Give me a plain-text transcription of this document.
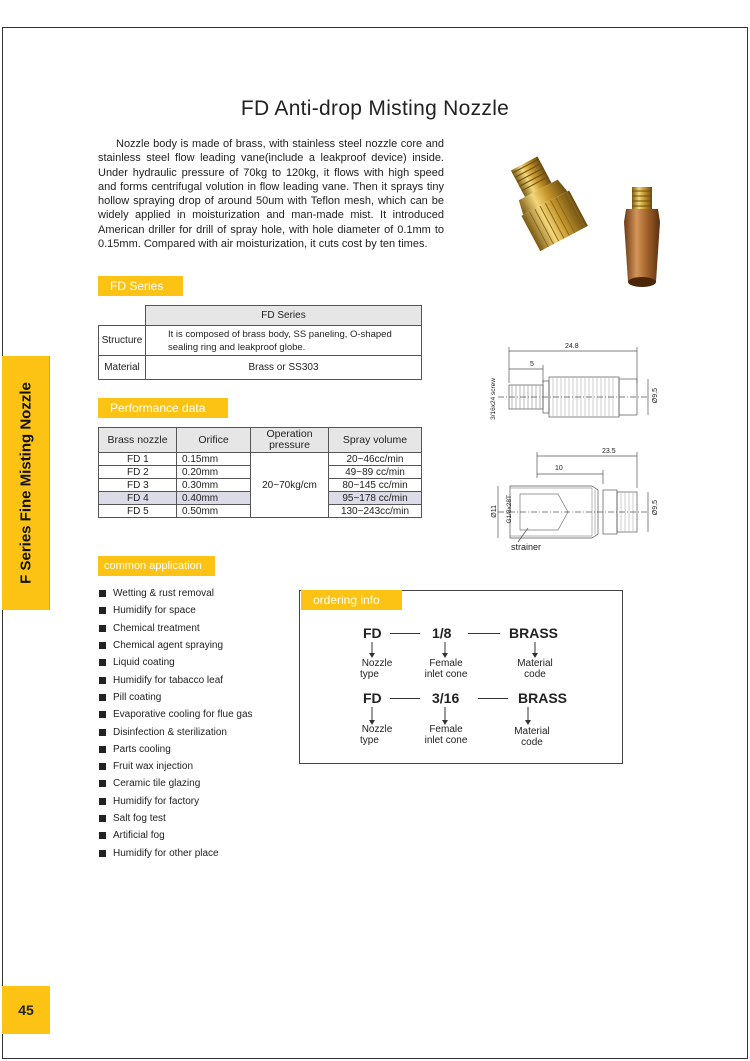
F Series Fine Misting Nozzle
45
FD Anti-drop Misting Nozzle

Nozzle body is made of brass, with stainless steel nozzle core and stainless steel flow leading vane(include a leakproof device) inside. Under hydraulic pressure of 70kg to 120kg, it flows with high speed and forms centrifugal volution in flow leading vane. Then it sprays tiny hollow spraying drop of around 50um with Teflon mesh, which can be widely applied in moisturization and man-made mist. It introduced American driller for drill of spray hole, with hole diameter of 0.1mm to 0.15mm. Compared with air moisturization, it cuts cost by ten times.

FD Series
	FD Series
Structure	It is composed of brass body, SS paneling, O-shaped sealing ring and leakproof globe.
Material	Brass or SS303
Performance data
Brass nozzle	Orifice	Operation pressure	Spray volume
FD 1	0.15mm	20~70kg/cm	20~46cc/min
FD 2	0.20mm		49~89 cc/min
FD 3	0.30mm		80~145 cc/min
FD 4	0.40mm		95~178 cc/min
FD 5	0.50mm		130~243cc/min
24.8
5
Ø9.5
3/16x24 screw
23.5
10
Ø11 G1/8x28T	Ø9.5
strainer
common application
Wetting & rust removal
Humidify for space
Chemical treatment
Chemical agent spraying
Liquid coating
Humidify for tabacco leaf
Pill coating
Evaporative cooling for flue gas
Disinfection & sterilization
Parts cooling
Fruit wax injection
Ceramic tile glazing
Humidify for factory
Salt fog test
Artificial fog
Humidify for other place
ordering info
FD	1/8	BRASS
Nozzle
type
Female
inlet cone
Material
code
FD	3/16	BRASS
Nozzle
type
Female
inlet cone
Material
code
